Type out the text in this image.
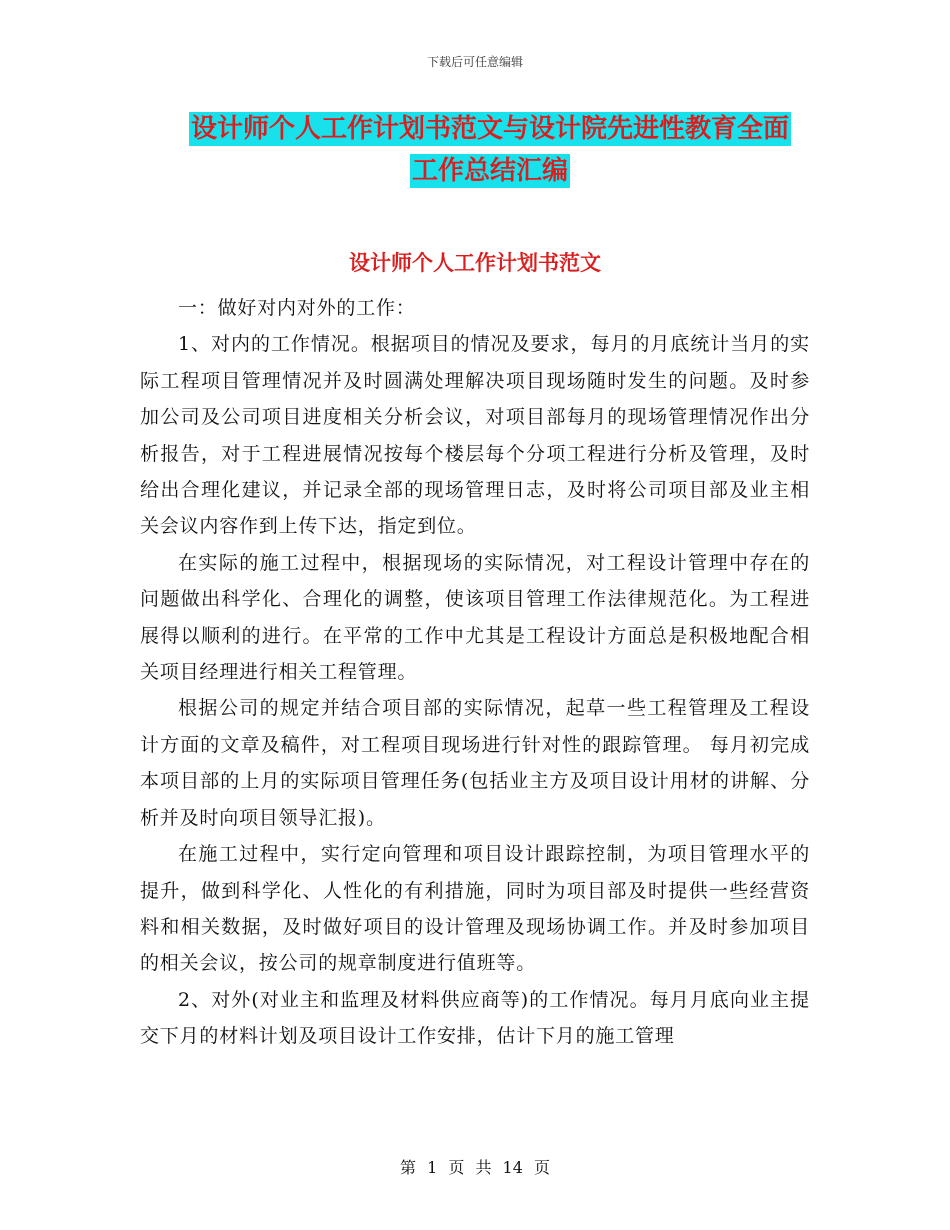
下载后可任意编辑
设计师个人工作计划书范文与设计院先进性教育全面
工作总结汇编
设计师个人工作计划书范文

一：做好对内对外的工作：

1、对内的工作情况。根据项目的情况及要求，每月的月底统计当月的实际工程项目管理情况并及时圆满处理解决项目现场随时发生的问题。及时参加公司及公司项目进度相关分析会议，对项目部每月的现场管理情况作出分析报告，对于工程进展情况按每个楼层每个分项工程进行分析及管理，及时给出合理化建议，并记录全部的现场管理日志，及时将公司项目部及业主相关会议内容作到上传下达，指定到位。

在实际的施工过程中，根据现场的实际情况，对工程设计管理中存在的问题做出科学化、合理化的调整，使该项目管理工作法律规范化。为工程进展得以顺利的进行。在平常的工作中尤其是工程设计方面总是积极地配合相关项目经理进行相关工程管理。

根据公司的规定并结合项目部的实际情况，起草一些工程管理及工程设计方面的文章及稿件，对工程项目现场进行针对性的跟踪管理。 每月初完成本项目部的上月的实际项目管理任务(包括业主方及项目设计用材的讲解、分析并及时向项目领导汇报)。

在施工过程中，实行定向管理和项目设计跟踪控制，为项目管理水平的提升，做到科学化、人性化的有利措施，同时为项目部及时提供一些经营资料和相关数据，及时做好项目的设计管理及现场协调工作。并及时参加项目的相关会议，按公司的规章制度进行值班等。

2、对外(对业主和监理及材料供应商等)的工作情况。每月月底向业主提交下月的材料计划及项目设计工作安排，估计下月的施工管理

第 1 页 共 14 页
